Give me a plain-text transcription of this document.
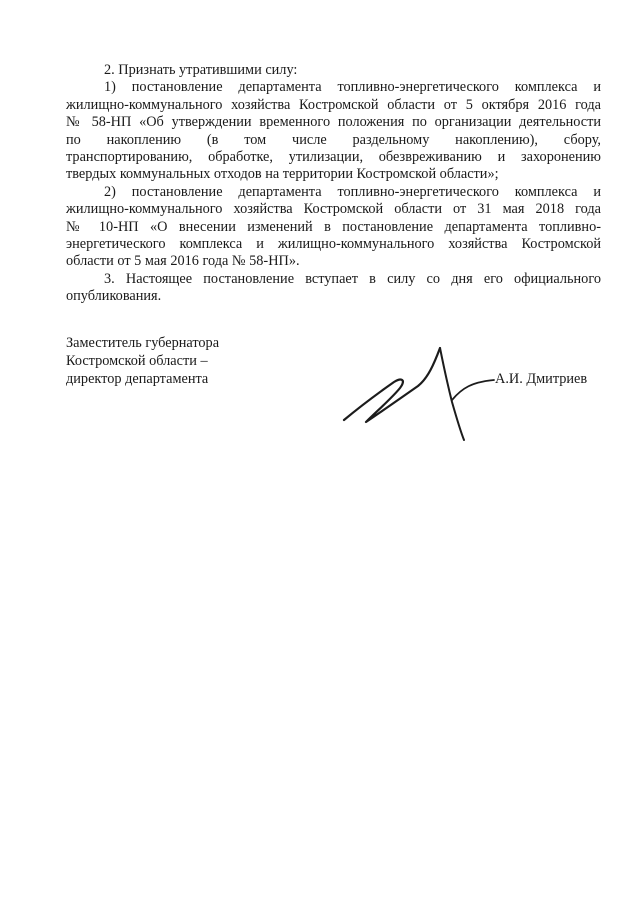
2. Признать утратившими силу:

1) постановление департамента топливно-энергетического комплекса и
жилищно-коммунального хозяйства Костромской области от 5 октября 2016 года
№ 58-НП «Об утверждении временного положения по организации деятельности
по накоплению (в том числе раздельному накоплению), сбору,
транспортированию, обработке, утилизации, обезвреживанию и захоронению
твердых коммунальных отходов на территории Костромской области»;
2) постановление департамента топливно-энергетического комплекса и
жилищно-коммунального хозяйства Костромской области от 31 мая 2018 года
№ 10-НП «О внесении изменений в постановление департамента топливно-
энергетического комплекса и жилищно-коммунального хозяйства Костромской
области от 5 мая 2016 года № 58-НП».
3. Настоящее постановление вступает в силу со дня его официального
опубликования.
Заместитель губернатора
Костромской области –
директор департамента	А.И. Дмитриев
